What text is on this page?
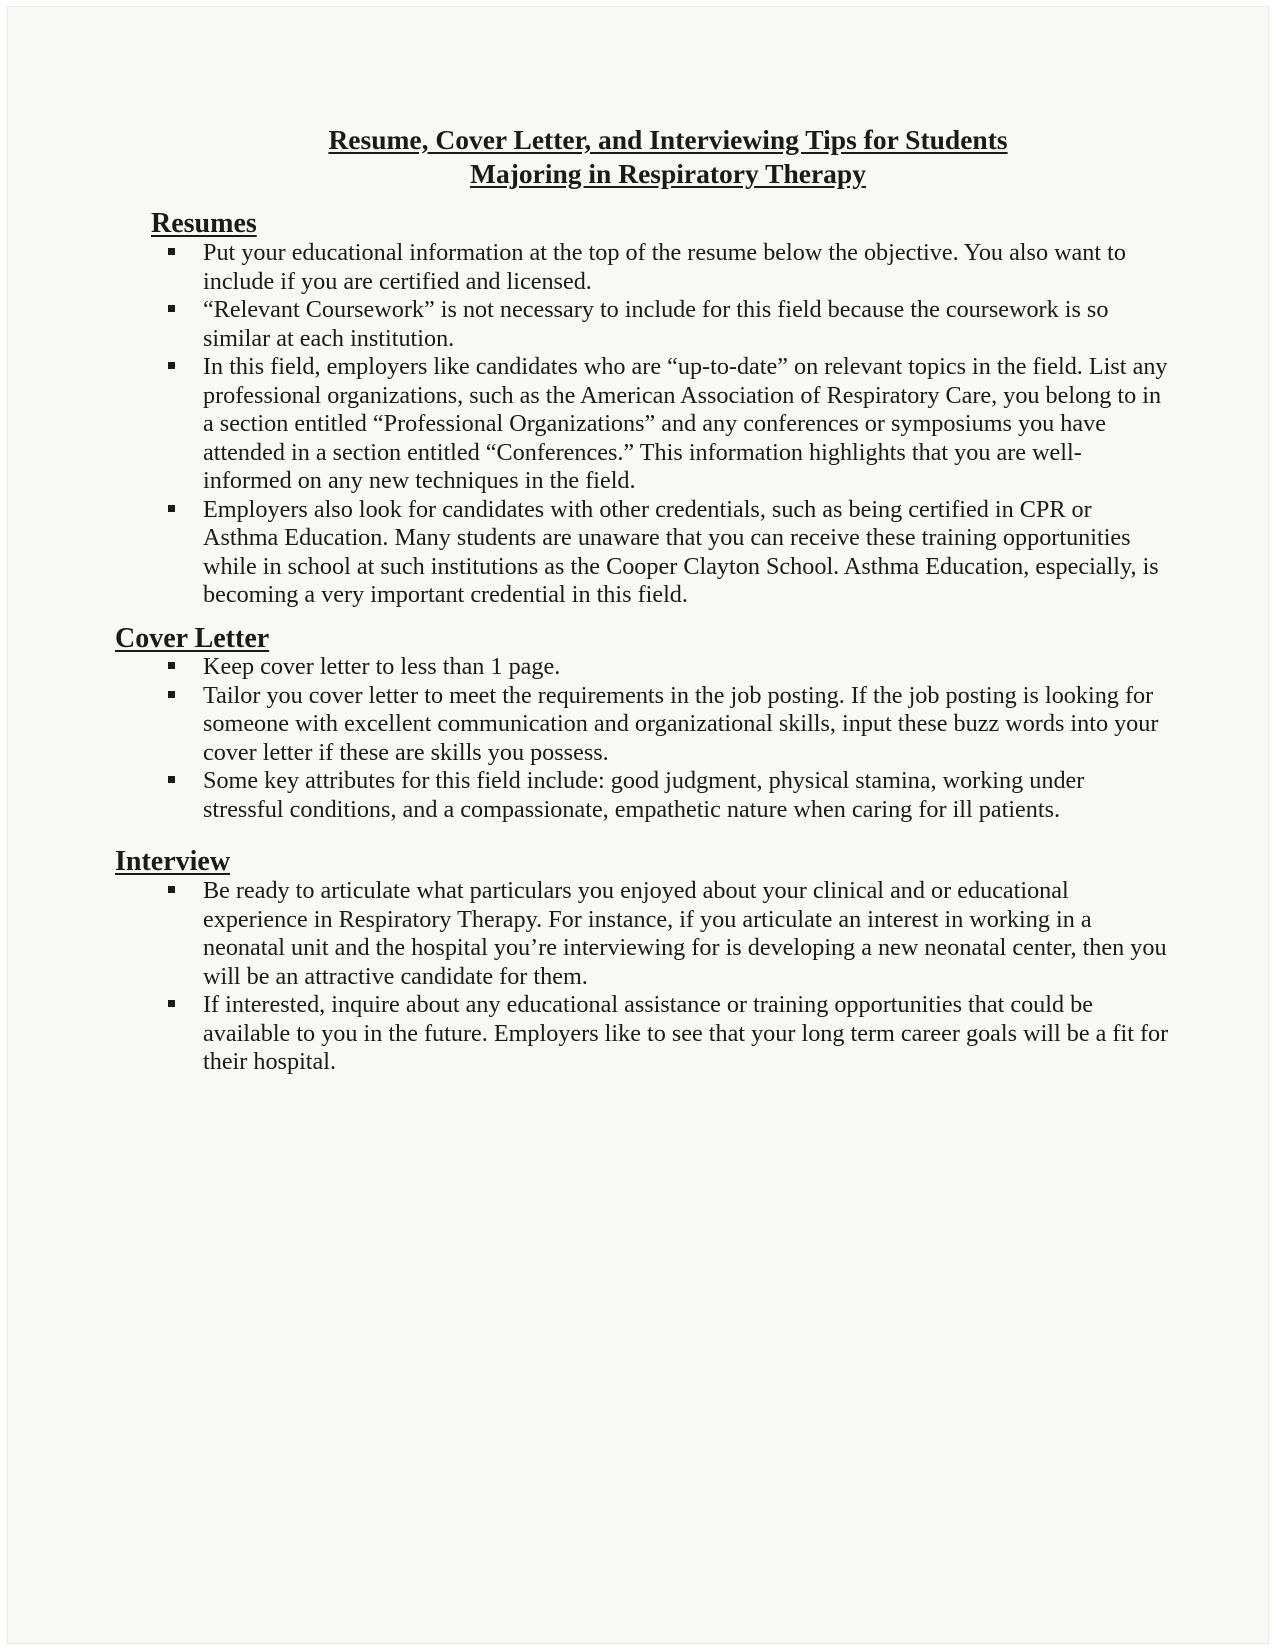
Resume, Cover Letter, and Interviewing Tips for Students
Majoring in Respiratory Therapy
Resumes
Put your educational information at the top of the resume below the objective. You also want to include if you are certified and licensed.
“Relevant Coursework” is not necessary to include for this field because the coursework is so similar at each institution.
In this field, employers like candidates who are “up-to-date” on relevant topics in the field. List any professional organizations, such as the American Association of Respiratory Care, you belong to in a section entitled “Professional Organizations” and any conferences or symposiums you have attended in a section entitled “Conferences.” This information highlights that you are well-informed on any new techniques in the field.
Employers also look for candidates with other credentials, such as being certified in CPR or Asthma Education. Many students are unaware that you can receive these training opportunities while in school at such institutions as the Cooper Clayton School. Asthma Education, especially, is becoming a very important credential in this field.
Cover Letter
Keep cover letter to less than 1 page.
Tailor you cover letter to meet the requirements in the job posting. If the job posting is looking for someone with excellent communication and organizational skills, input these buzz words into your cover letter if these are skills you possess.
Some key attributes for this field include: good judgment, physical stamina, working under stressful conditions, and a compassionate, empathetic nature when caring for ill patients.
Interview
Be ready to articulate what particulars you enjoyed about your clinical and or educational experience in Respiratory Therapy. For instance, if you articulate an interest in working in a neonatal unit and the hospital you’re interviewing for is developing a new neonatal center, then you will be an attractive candidate for them.
If interested, inquire about any educational assistance or training opportunities that could be available to you in the future. Employers like to see that your long term career goals will be a fit for their hospital.
